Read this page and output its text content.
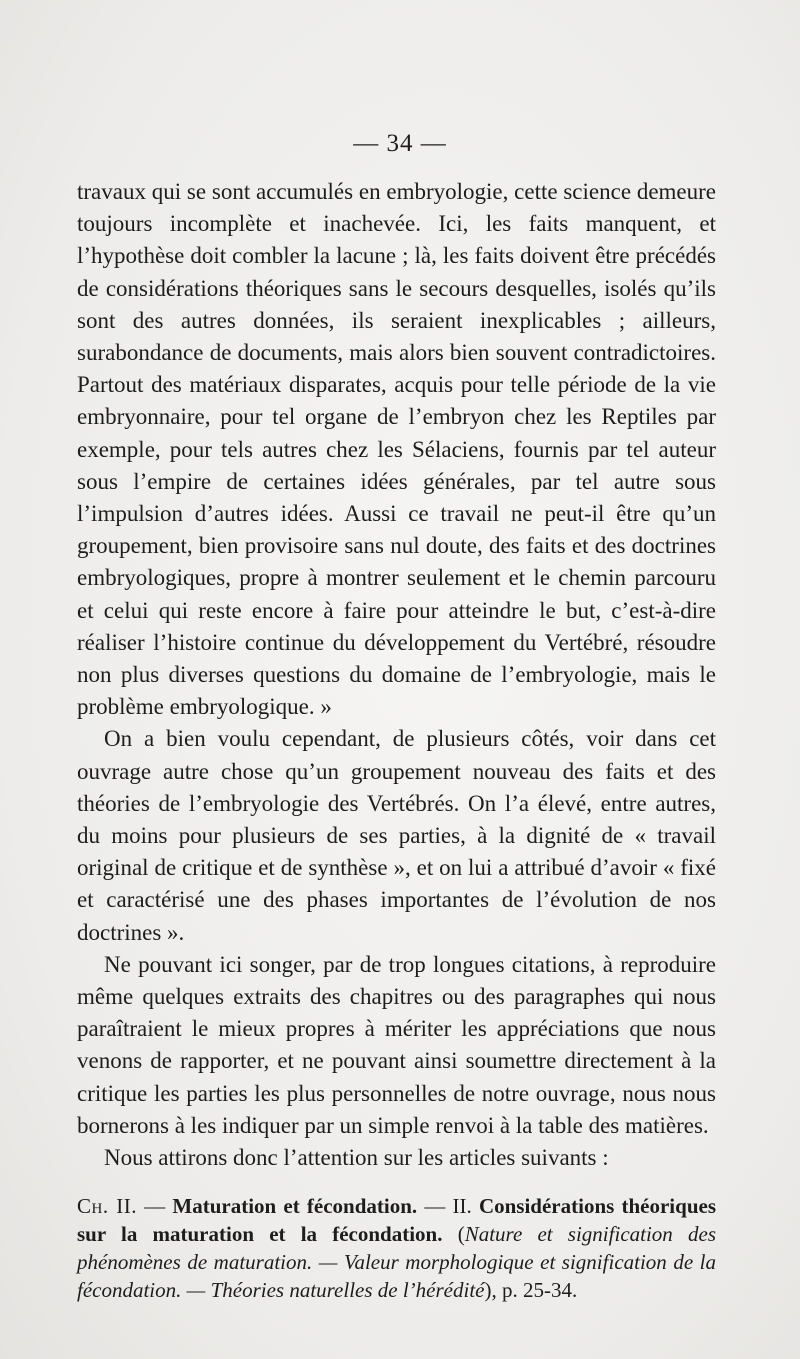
— 34 —

travaux qui se sont accumulés en embryologie, cette science demeure toujours incomplète et inachevée. Ici, les faits manquent, et l’hypothèse doit combler la lacune ; là, les faits doivent être précédés de considérations théoriques sans le secours desquelles, isolés qu’ils sont des autres données, ils seraient inexplicables ; ailleurs, surabondance de documents, mais alors bien souvent contradictoires. Partout des matériaux disparates, acquis pour telle période de la vie embryonnaire, pour tel organe de l’embryon chez les Reptiles par exemple, pour tels autres chez les Sélaciens, fournis par tel auteur sous l’empire de certaines idées générales, par tel autre sous l’impulsion d’autres idées. Aussi ce travail ne peut-il être qu’un groupement, bien provisoire sans nul doute, des faits et des doctrines embryologiques, propre à montrer seulement et le chemin parcouru et celui qui reste encore à faire pour atteindre le but, c’est-à-dire réaliser l’histoire continue du développement du Vertébré, résoudre non plus diverses questions du domaine de l’embryologie, mais le problème embryologique. »

On a bien voulu cependant, de plusieurs côtés, voir dans cet ouvrage autre chose qu’un groupement nouveau des faits et des théories de l’embryologie des Vertébrés. On l’a élevé, entre autres, du moins pour plusieurs de ses parties, à la dignité de « travail original de critique et de synthèse », et on lui a attribué d’avoir « fixé et caractérisé une des phases importantes de l’évolution de nos doctrines ».

Ne pouvant ici songer, par de trop longues citations, à reproduire même quelques extraits des chapitres ou des paragraphes qui nous paraîtraient le mieux propres à mériter les appréciations que nous venons de rapporter, et ne pouvant ainsi soumettre directement à la critique les parties les plus personnelles de notre ouvrage, nous nous bornerons à les indiquer par un simple renvoi à la table des matières.

Nous attirons donc l’attention sur les articles suivants :

Ch. II. — Maturation et fécondation. — II. Considérations théoriques sur la maturation et la fécondation. (Nature et signification des phénomènes de maturation. — Valeur morphologique et signification de la fécondation. — Théories naturelles de l’hérédité), p. 25-34.
